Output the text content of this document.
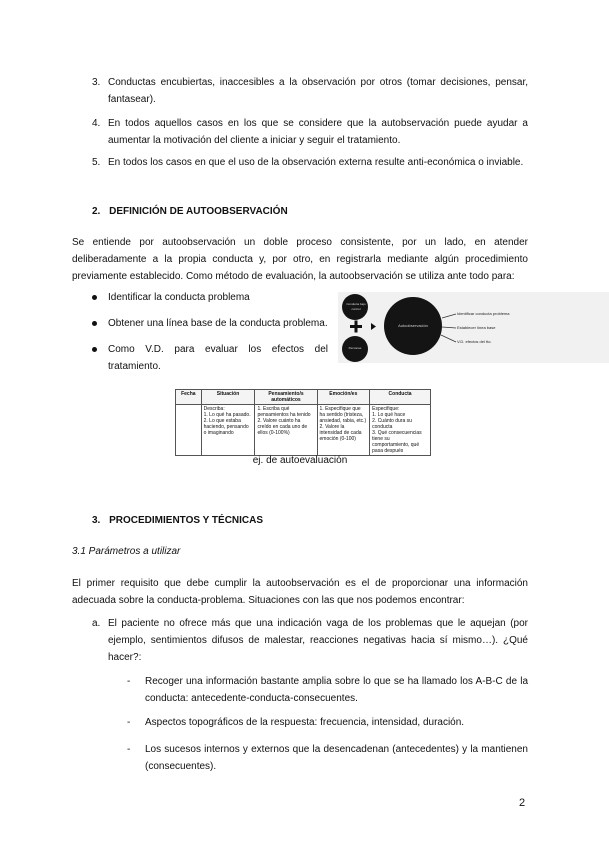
3. Conductas encubiertas, inaccesibles a la observación por otros (tomar decisiones, pensar, fantasear).

4. En todos aquellos casos en los que se considere que la autobservación puede ayudar a aumentar la motivación del cliente a iniciar y seguir el tratamiento.

5. En todos los casos en que el uso de la observación externa resulte anti-económica o inviable.

2. DEFINICIÓN DE AUTOOBSERVACIÓN

Se entiende por autoobservación un doble proceso consistente, por un lado, en atender deliberadamente a la propia conducta y, por otro, en registrarla mediante algún procedimiento previamente establecido. Como método de evaluación, la autoobservación se utiliza ante todo para:

Identificar la conducta problema
Obtener una línea base de la conducta problema.

Como V.D. para evaluar los efectos del tratamiento.

Conducta bajo control
Personas
Autoobservación
Identificar conducta problema
Establecer línea base
V.D. efectos del tto.
Fecha	Situación	Pensamiento/s automáticos	Emoción/es	Conducta
	Describa:
1. Lo qué ha pasado.
2. Lo que estaba haciendo, pensando o imaginando	1. Escriba qué pensamientos ha tenido
2. Valore cuánto ha creído en cada uno de ellos (0-100%)	1. Especifique que ha sentido (tristeza, ansiedad, rabia, etc.)
2. Valore la intensidad de cada emoción (0-100)	Especifique:
1. Lo qué hace
2. Cuánto dura su conducta
3. Qué consecuencias tiene su comportamiento, qué pasa después
ej. de autoevaluación
3. PROCEDIMIENTOS Y TÉCNICAS
3.1 Parámetros a utilizar

El primer requisito que debe cumplir la autoobservación es el de proporcionar una información adecuada sobre la conducta-problema. Situaciones con las que nos podemos encontrar:

a. El paciente no ofrece más que una indicación vaga de los problemas que le aquejan (por ejemplo, sentimientos difusos de malestar, reacciones negativas hacia sí mismo…). ¿Qué hacer?:

- Recoger una información bastante amplia sobre lo que se ha llamado los A-B-C de la conducta: antecedente-conducta-consecuentes.

- Aspectos topográficos de la respuesta: frecuencia, intensidad, duración.

- Los sucesos internos y externos que la desencadenan (antecedentes) y la mantienen (consecuentes).

2
